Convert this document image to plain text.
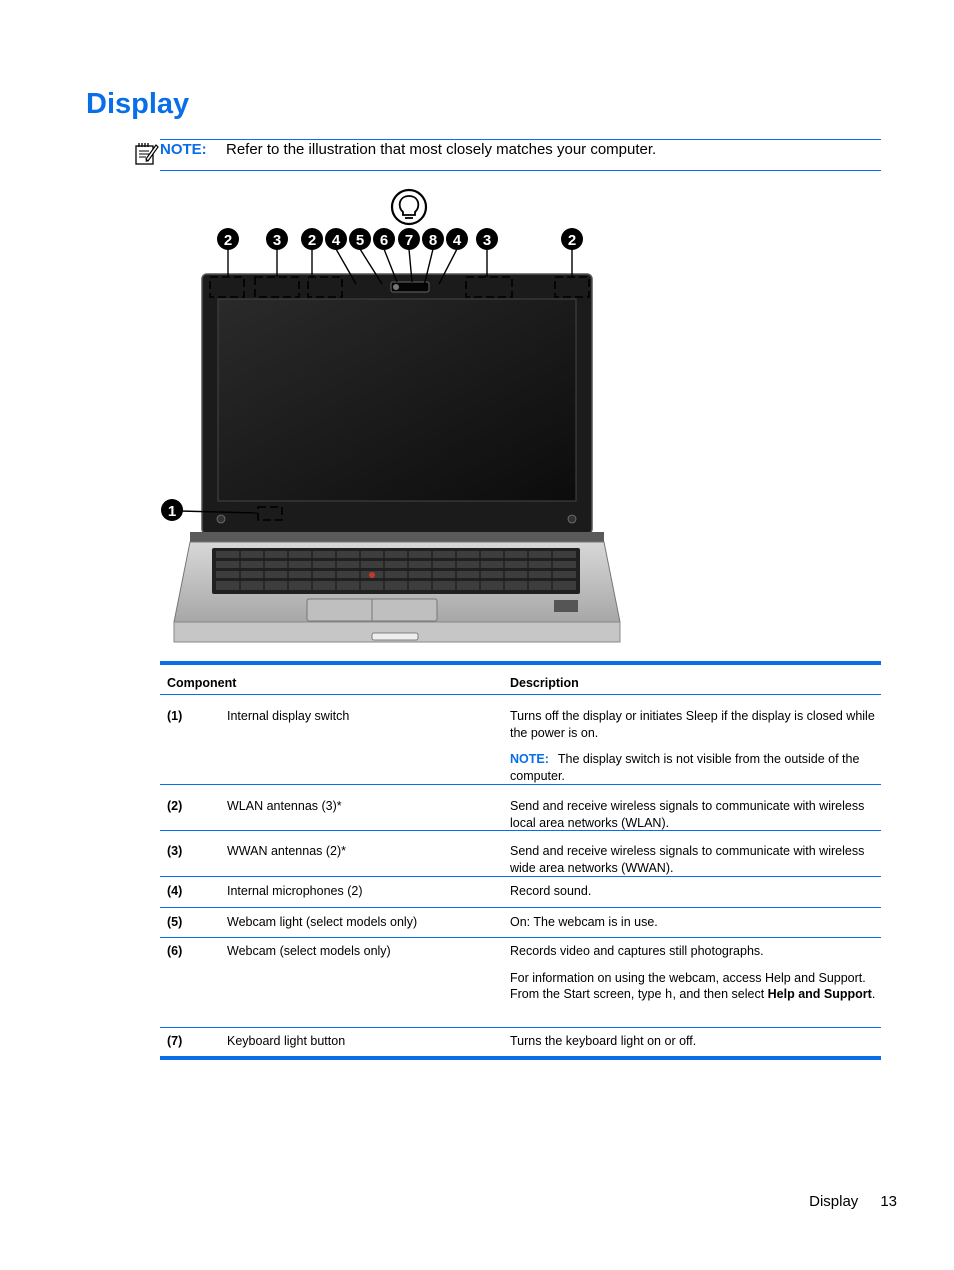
Display
NOTE: Refer to the illustration that most closely matches your computer.
2	3 2 4 5 6 7 8 4 3	2
1
Component	Description
(1)	Internal display switch	Turns off the display or initiates Sleep if the display is closed while the power is on.

NOTE: The display switch is not visible from the outside of the computer.

(2)	WLAN antennas (3)*	Send and receive wireless signals to communicate with wireless local area networks (WLAN).

(3)	WWAN antennas (2)*	Send and receive wireless signals to communicate with wireless wide area networks (WWAN).

(4)	Internal microphones (2)	Record sound.

(5)	Webcam light (select models only)	On: The webcam is in use.

(6)	Webcam (select models only)	Records video and captures still photographs.

For information on using the webcam, access Help and Support. From the Start screen, type h, and then select Help and Support.

(7)	Keyboard light button	Turns the keyboard light on or off.

Display 13
